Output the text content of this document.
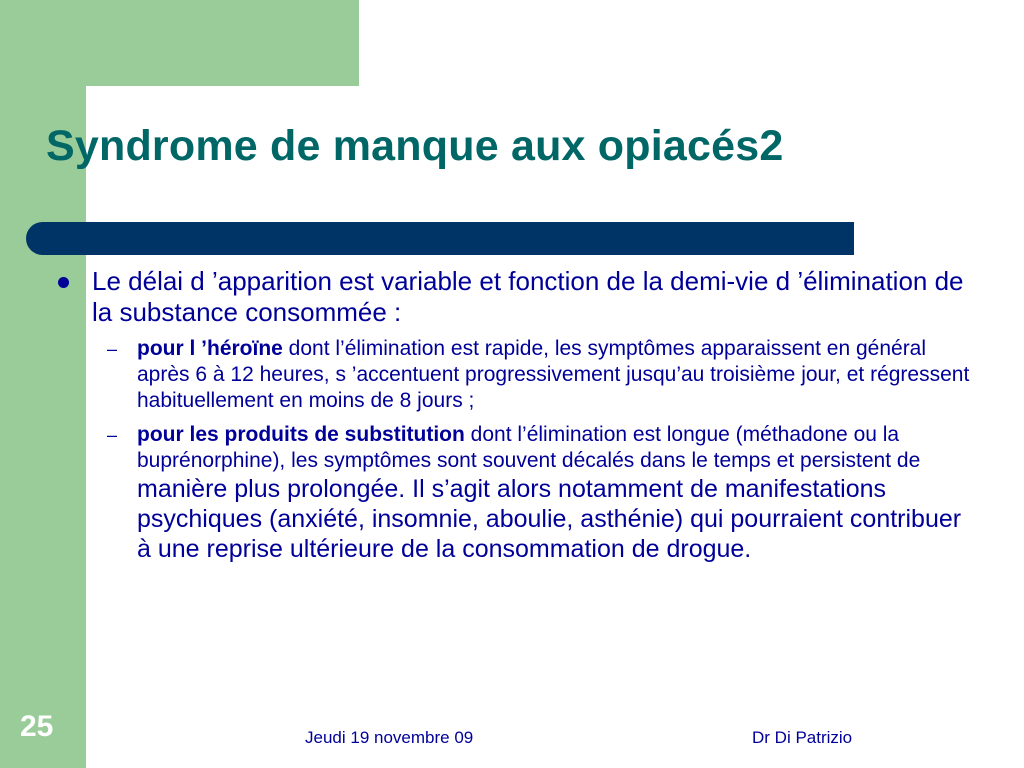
Syndrome de manque aux opiacés2
Le délai d ’apparition est variable et fonction de la demi-vie d ’élimination de la substance consommée :
– pour l ’héroïne dont l’élimination est rapide, les symptômes apparaissent en général après 6 à 12 heures, s ’accentuent progressivement jusqu’au troisième jour, et régressent habituellement en moins de 8 jours ;
– pour les produits de substitution dont l’élimination est longue (méthadone ou la buprénorphine), les symptômes sont souvent décalés dans le temps et persistent de manière plus prolongée. Il s’agit alors notamment de manifestations psychiques (anxiété, insomnie, aboulie, asthénie) qui pourraient contribuer à une reprise ultérieure de la consommation de drogue.
25	Jeudi 19 novembre 09	Dr Di Patrizio
